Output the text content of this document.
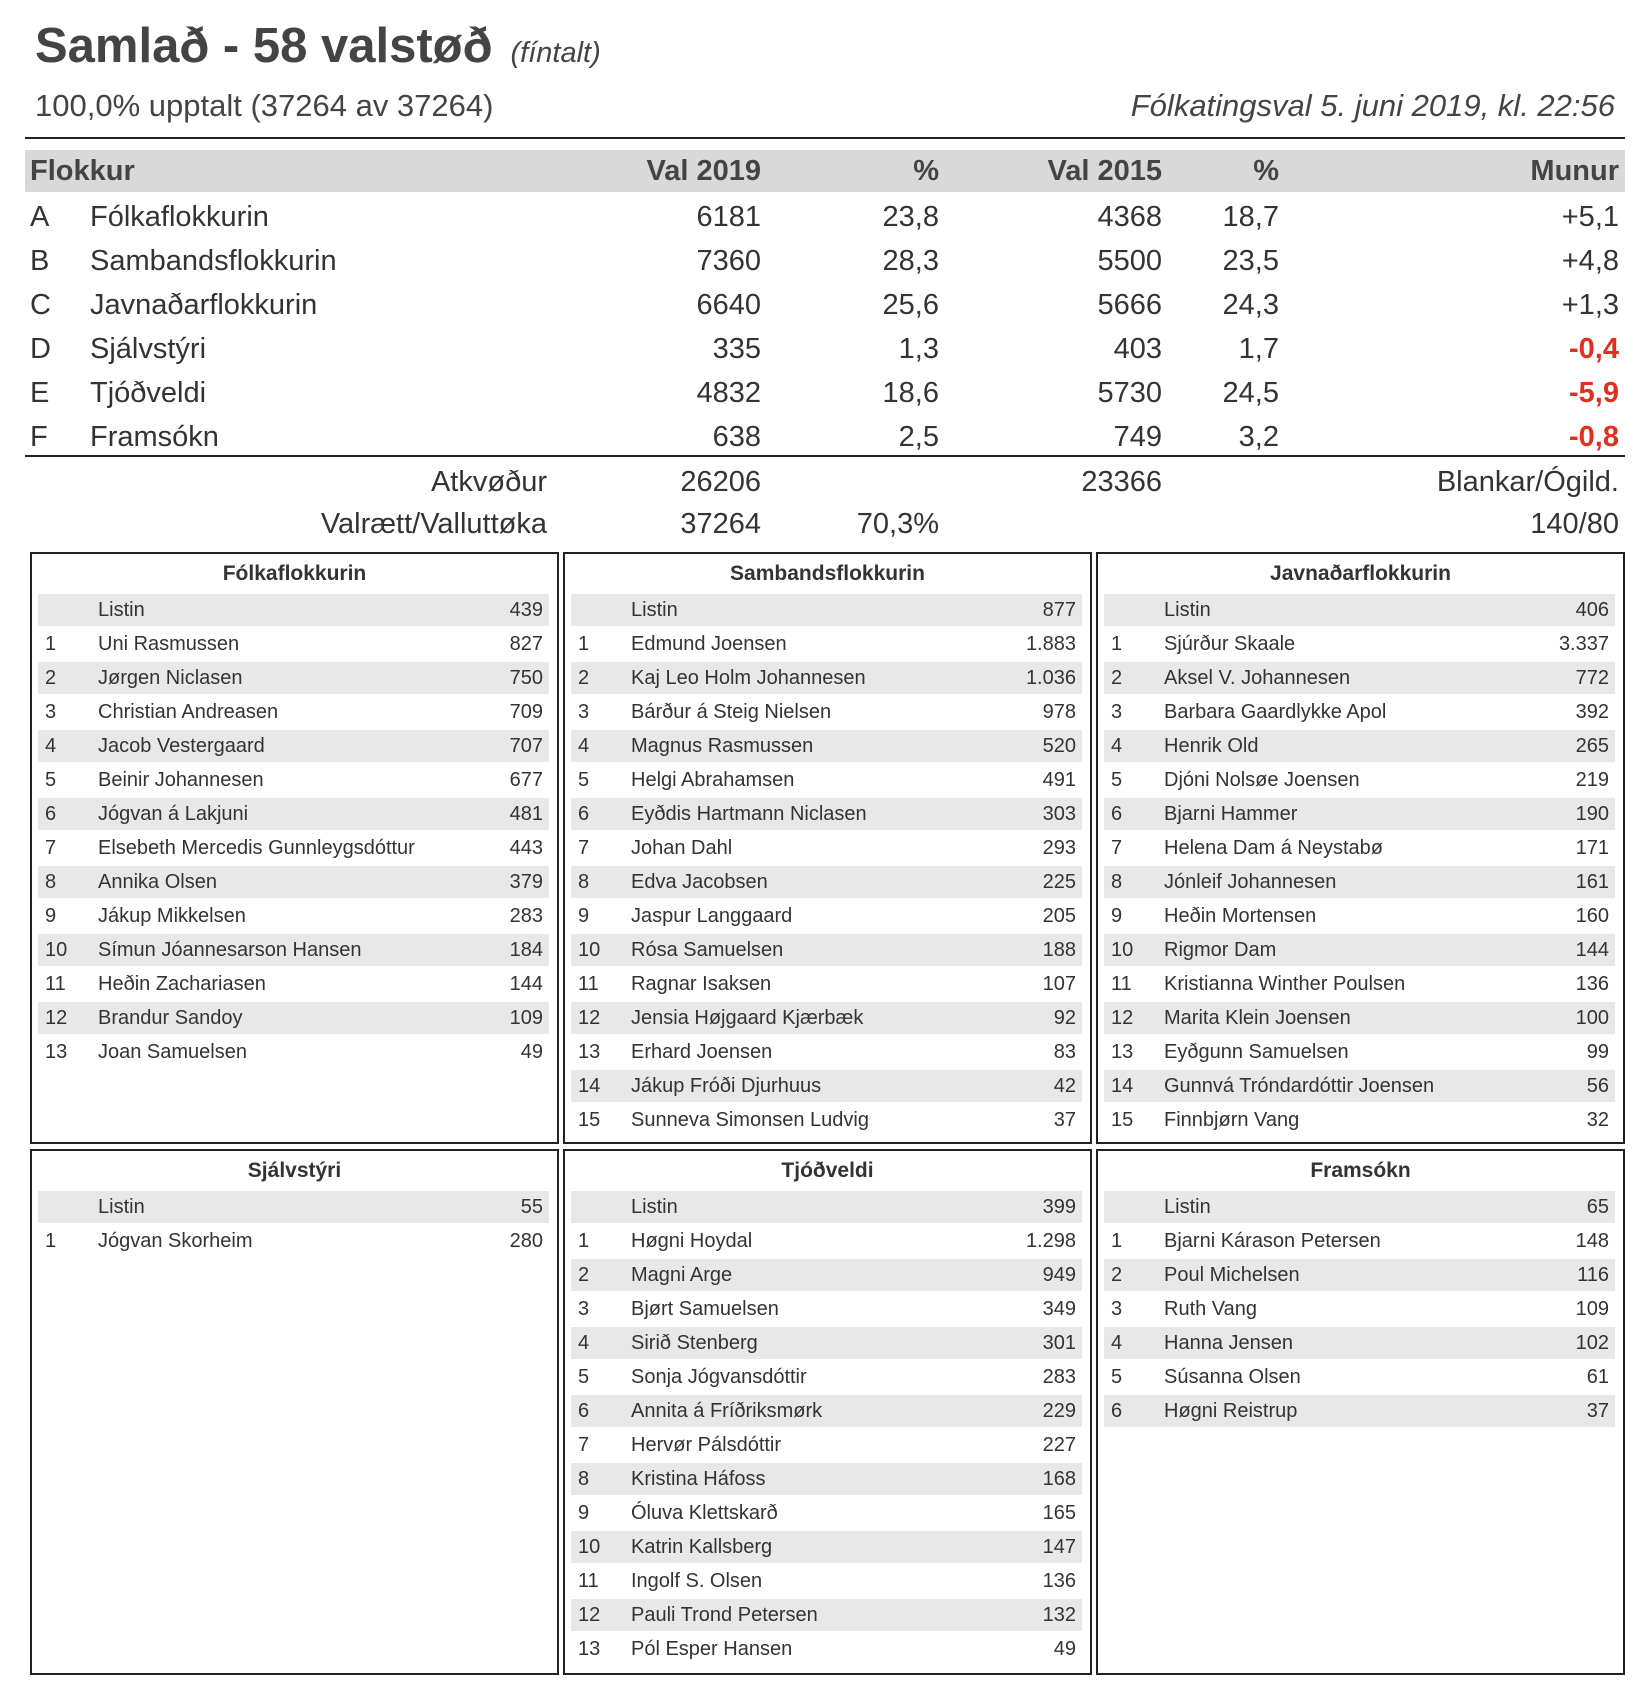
Samlað - 58 valstøð (fíntalt)
100,0% upptalt (37264 av 37264)	Fólkatingsval 5. juni 2019, kl. 22:56
Flokkur	Val 2019	%	Val 2015	%	Munur
A Fólkaflokkurin	6181	23,8	4368 18,7	+5,1
B Sambandsflokkurin	7360	28,3	5500 23,5	+4,8
C Javnaðarflokkurin	6640	25,6	5666 24,3	+1,3
D Sjálvstýri	335	1,3	403	1,7	-0,4
E Tjóðveldi	4832	18,6	5730 24,5	-5,9
F Framsókn	638	2,5	749	3,2	-0,8
Atkvøður	26206	23366	Blankar/Ógild.
Valrætt/Valluttøka	37264	70,3%	140/80
Fólkaflokkurin
Listin	439
1 Uni Rasmussen	827
2 Jørgen Niclasen	750
3 Christian Andreasen	709
4 Jacob Vestergaard	707
5 Beinir Johannesen	677
6 Jógvan á Lakjuni	481
7 Elsebeth Mercedis Gunnleygsdóttur	443
8 Annika Olsen	379
9 Jákup Mikkelsen	283
10 Símun Jóannesarson Hansen	184
11 Heðin Zachariasen	144
12 Brandur Sandoy	109
13 Joan Samuelsen	49
Sambandsflokkurin
Listin	877
1 Edmund Joensen	1.883
2 Kaj Leo Holm Johannesen	1.036
3 Bárður á Steig Nielsen	978
4 Magnus Rasmussen	520
5 Helgi Abrahamsen	491
6 Eyðdis Hartmann Niclasen	303
7 Johan Dahl	293
8 Edva Jacobsen	225
9 Jaspur Langgaard	205
10 Rósa Samuelsen	188
11 Ragnar Isaksen	107
12 Jensia Højgaard Kjærbæk	92
13 Erhard Joensen	83
14 Jákup Fróði Djurhuus	42
15 Sunneva Simonsen Ludvig	37
Javnaðarflokkurin
Listin	406
1 Sjúrður Skaale	3.337
2 Aksel V. Johannesen	772
3 Barbara Gaardlykke Apol	392
4 Henrik Old	265
5 Djóni Nolsøe Joensen	219
6 Bjarni Hammer	190
7 Helena Dam á Neystabø	171
8 Jónleif Johannesen	161
9 Heðin Mortensen	160
10 Rigmor Dam	144
11 Kristianna Winther Poulsen	136
12 Marita Klein Joensen	100
13 Eyðgunn Samuelsen	99
14 Gunnvá Tróndardóttir Joensen	56
15 Finnbjørn Vang	32
Sjálvstýri
Listin	55
1 Jógvan Skorheim	280
Tjóðveldi
Listin	399
1 Høgni Hoydal	1.298
2 Magni Arge	949
3 Bjørt Samuelsen	349
4 Sirið Stenberg	301
5 Sonja Jógvansdóttir	283
6 Annita á Fríðriksmørk	229
7 Hervør Pálsdóttir	227
8 Kristina Háfoss	168
9 Óluva Klettskarð	165
10 Katrin Kallsberg	147
11 Ingolf S. Olsen	136
12 Pauli Trond Petersen	132
13 Pól Esper Hansen	49
Framsókn
Listin	65
1 Bjarni Kárason Petersen	148
2 Poul Michelsen	116
3 Ruth Vang	109
4 Hanna Jensen	102
5 Súsanna Olsen	61
6 Høgni Reistrup	37
